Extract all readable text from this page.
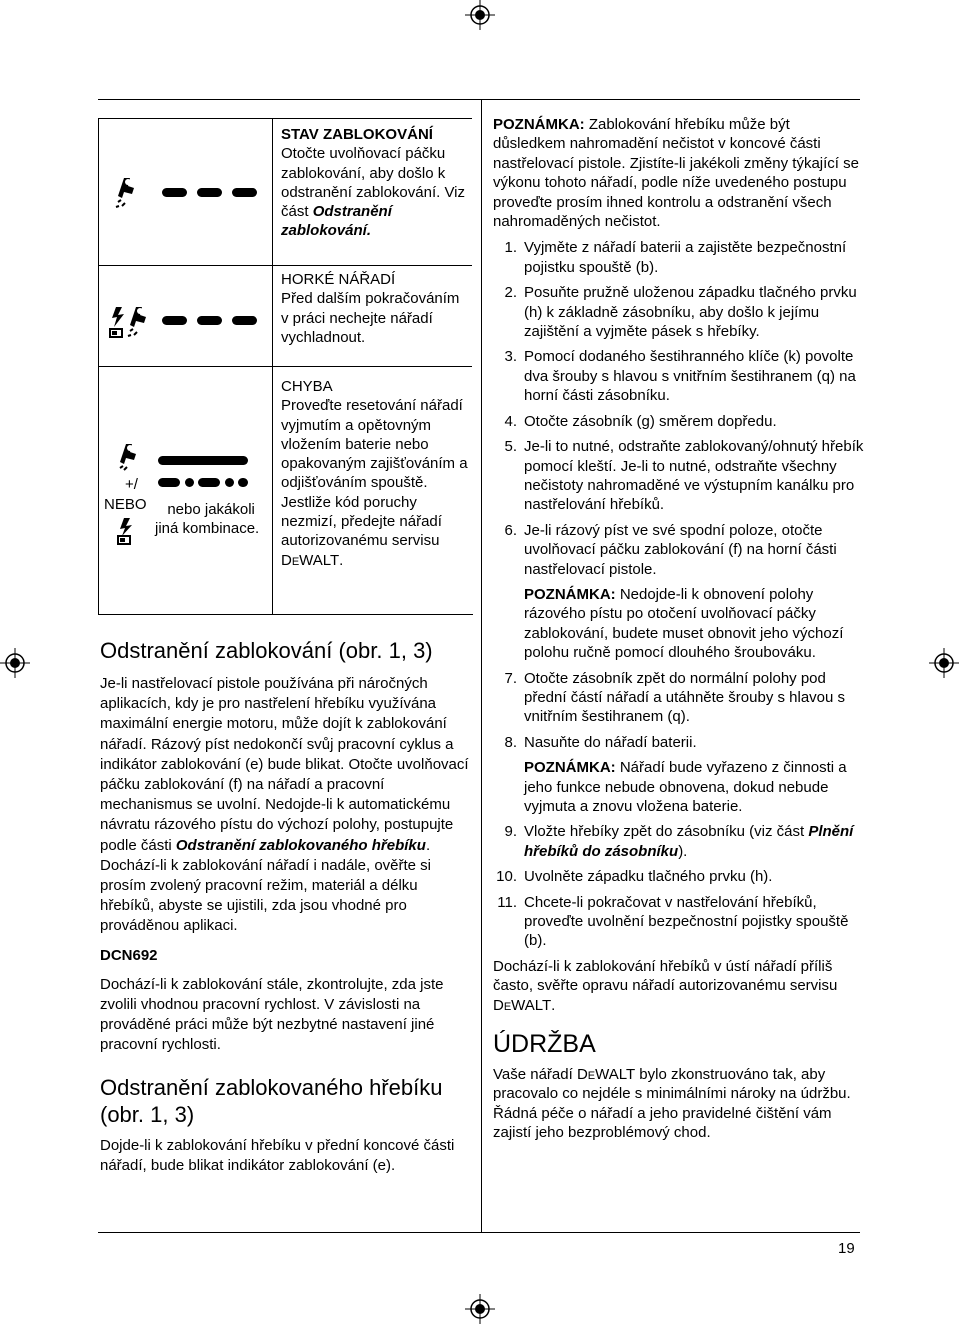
STAV ZABLOKOVÁNÍ
Otočte uvolňovací páčku zablokování, aby došlo k odstranění zablokování. Viz část Odstranění zablokování.
HORKÉ NÁŘADÍ
Před dalším pokračováním v práci nechejte nářadí vychladnout.
+/
NEBO nebo jakákoli
jiná kombinace.
CHYBA
Proveďte resetování nářadí vyjmutím a opětovným vložením baterie nebo opakovaným zajišťováním a odjišťováním spouště. Jestliže kód poruchy nezmizí, předejte nářadí autorizovanému servisu DeWALT.
Odstranění zablokování (obr. 1, 3)
Je-li nastřelovací pistole používána při náročných aplikacích, kdy je pro nastřelení hřebíku využívána maximální energie motoru, může dojít k zablokování nářadí. Rázový píst nedokončí svůj pracovní cyklus a indikátor zablokování (e) bude blikat. Otočte uvolňovací páčku zablokování (f) na nářadí a pracovní mechanismus se uvolní. Nedojde-li k automatickému návratu rázového pístu do výchozí polohy, postupujte podle části Odstranění zablokovaného hřebíku. Dochází-li k zablokování nářadí i nadále, ověřte si prosím zvolený pracovní režim, materiál a délku hřebíků, abyste se ujistili, zda jsou vhodné pro prováděnou aplikaci.
DCN692
Dochází-li k zablokování stále, zkontrolujte, zda jste zvolili vhodnou pracovní rychlost. V závislosti na prováděné práci může být nezbytné nastavení jiné pracovní rychlosti.
Odstranění zablokovaného hřebíku (obr. 1, 3)
Dojde-li k zablokování hřebíku v přední koncové části nářadí, bude blikat indikátor zablokování (e).
POZNÁMKA: Zablokování hřebíku může být důsledkem nahromadění nečistot v koncové části nastřelovací pistole. Zjistíte-li jakékoli změny týkající se výkonu tohoto nářadí, podle níže uvedeného postupu proveďte prosím ihned kontrolu a odstranění všech nahromaděných nečistot.
1. Vyjměte z nářadí baterii a zajistěte bezpečnostní pojistku spouště (b).
2. Posuňte pružně uloženou západku tlačného prvku (h) k základně zásobníku, aby došlo k jejímu zajištění a vyjměte pásek s hřebíky.
3. Pomocí dodaného šestihranného klíče (k) povolte dva šrouby s hlavou s vnitřním šestihranem (q) na horní části zásobníku.
4. Otočte zásobník (g) směrem dopředu.
5. Je-li to nutné, odstraňte zablokovaný/ohnutý hřebík pomocí kleští. Je-li to nutné, odstraňte všechny nečistoty nahromaděné ve výstupním kanálku pro nastřelování hřebíků.
6. Je-li rázový píst ve své spodní poloze, otočte uvolňovací páčku zablokování (f) na horní části nastřelovací pistole.
POZNÁMKA: Nedojde-li k obnovení polohy rázového pístu po otočení uvolňovací páčky zablokování, budete muset obnovit jeho výchozí polohu ručně pomocí dlouhého šroubováku.
7. Otočte zásobník zpět do normální polohy pod přední částí nářadí a utáhněte šrouby s hlavou s vnitřním šestihranem (q).
8. Nasuňte do nářadí baterii.
POZNÁMKA: Nářadí bude vyřazeno z činnosti a jeho funkce nebude obnovena, dokud nebude vyjmuta a znovu vložena baterie.
9. Vložte hřebíky zpět do zásobníku (viz část Plnění hřebíků do zásobníku).
10. Uvolněte západku tlačného prvku (h).
11. Chcete-li pokračovat v nastřelování hřebíků, proveďte uvolnění bezpečnostní pojistky spouště (b).
Dochází-li k zablokování hřebíků v ústí nářadí příliš často, svěřte opravu nářadí autorizovanému servisu DeWALT.
ÚDRŽBA
Vaše nářadí DeWALT bylo zkonstruováno tak, aby pracovalo co nejdéle s minimálními nároky na údržbu. Řádná péče o nářadí a jeho pravidelné čištění vám zajistí jeho bezproblémový chod.
19
